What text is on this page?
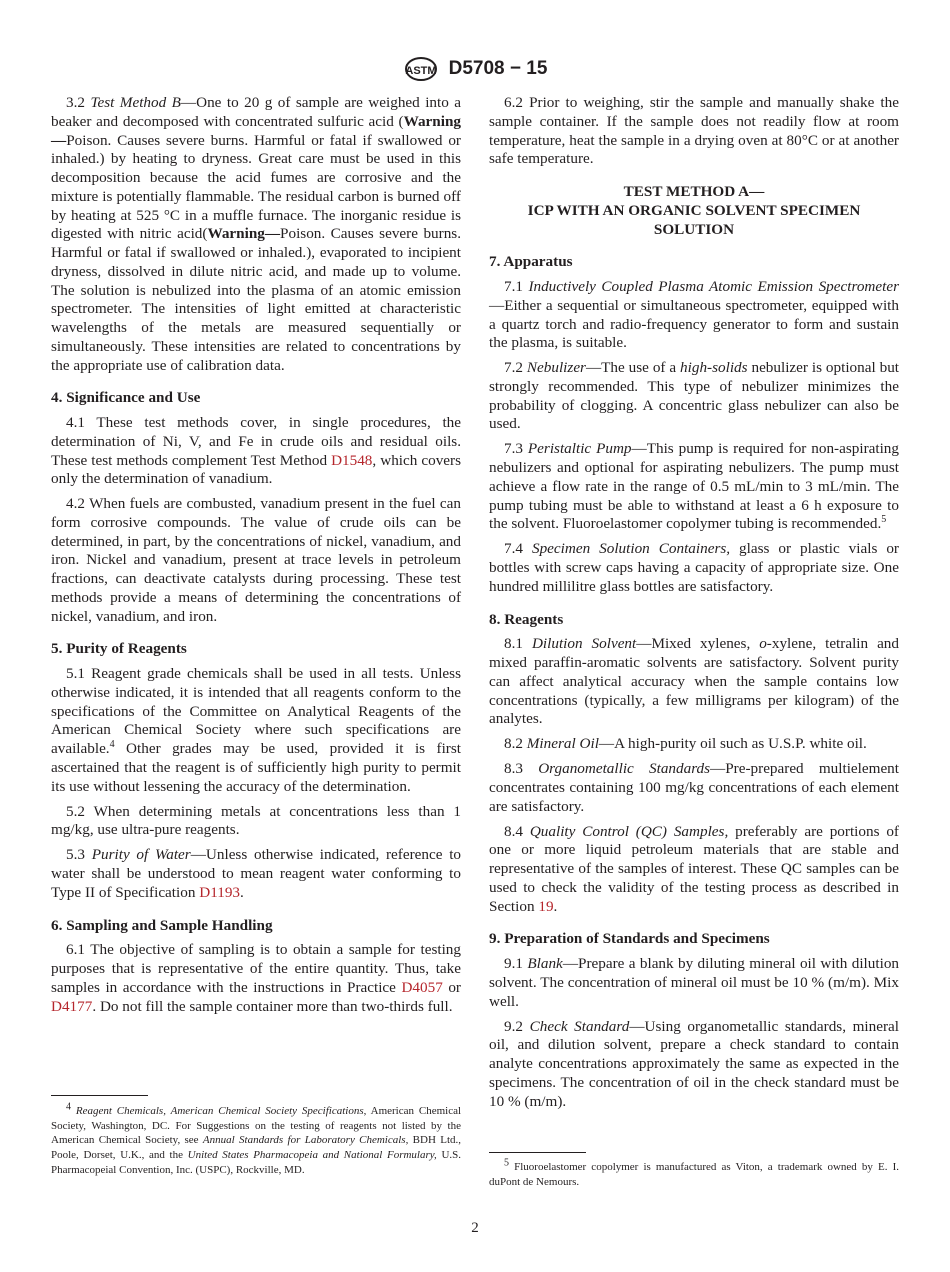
ASTM D5708 − 15

3.2 Test Method B—One to 20 g of sample are weighed into a beaker and decomposed with concentrated sulfuric acid (Warning—Poison. Causes severe burns. Harmful or fatal if swallowed or inhaled.) by heating to dryness. Great care must be used in this decomposition because the acid fumes are corrosive and the mixture is potentially flammable. The residual carbon is burned off by heating at 525 °C in a muffle furnace. The inorganic residue is digested with nitric acid(Warning—Poison. Causes severe burns. Harmful or fatal if swallowed or inhaled.), evaporated to incipient dryness, dissolved in dilute nitric acid, and made up to volume. The solution is nebulized into the plasma of an atomic emission spectrometer. The intensities of light emitted at characteristic wavelengths of the metals are measured sequentially or simultaneously. These intensities are related to concentrations by the appropriate use of calibration data.

4. Significance and Use

4.1 These test methods cover, in single procedures, the determination of Ni, V, and Fe in crude oils and residual oils. These test methods complement Test Method D1548, which covers only the determination of vanadium.

4.2 When fuels are combusted, vanadium present in the fuel can form corrosive compounds. The value of crude oils can be determined, in part, by the concentrations of nickel, vanadium, and iron. Nickel and vanadium, present at trace levels in petroleum fractions, can deactivate catalysts during processing. These test methods provide a means of determining the concentrations of nickel, vanadium, and iron.

5. Purity of Reagents

5.1 Reagent grade chemicals shall be used in all tests. Unless otherwise indicated, it is intended that all reagents conform to the specifications of the Committee on Analytical Reagents of the American Chemical Society where such specifications are available.$^4$ Other grades may be used, provided it is first ascertained that the reagent is of sufficiently high purity to permit its use without lessening the accuracy of the determination.

5.2 When determining metals at concentrations less than 1 mg/kg, use ultra-pure reagents.

5.3 Purity of Water—Unless otherwise indicated, reference to water shall be understood to mean reagent water conforming to Type II of Specification D1193.

6. Sampling and Sample Handling

6.1 The objective of sampling is to obtain a sample for testing purposes that is representative of the entire quantity. Thus, take samples in accordance with the instructions in Practice D4057 or D4177. Do not fill the sample container more than two-thirds full.

6.2 Prior to weighing, stir the sample and manually shake the sample container. If the sample does not readily flow at room temperature, heat the sample in a drying oven at 80°C or at another safe temperature.

TEST METHOD A—
ICP WITH AN ORGANIC SOLVENT SPECIMEN SOLUTION
7. Apparatus

7.1 Inductively Coupled Plasma Atomic Emission Spectrometer—Either a sequential or simultaneous spectrometer, equipped with a quartz torch and radio-frequency generator to form and sustain the plasma, is suitable.

7.2 Nebulizer—The use of a high-solids nebulizer is optional but strongly recommended. This type of nebulizer minimizes the probability of clogging. A concentric glass nebulizer can also be used.

7.3 Peristaltic Pump—This pump is required for non-aspirating nebulizers and optional for aspirating nebulizers. The pump must achieve a flow rate in the range of 0.5 mL/min to 3 mL/min. The pump tubing must be able to withstand at least a 6 h exposure to the solvent. Fluoroelastomer copolymer tubing is recommended.$^5$

7.4 Specimen Solution Containers, glass or plastic vials or bottles with screw caps having a capacity of appropriate size. One hundred millilitre glass bottles are satisfactory.

8. Reagents

8.1 Dilution Solvent—Mixed xylenes, o-xylene, tetralin and mixed paraffin-aromatic solvents are satisfactory. Solvent purity can affect analytical accuracy when the sample contains low concentrations (typically, a few milligrams per kilogram) of the analytes.

8.2 Mineral Oil—A high-purity oil such as U.S.P. white oil.

8.3 Organometallic Standards—Pre-prepared multielement concentrates containing 100 mg/kg concentrations of each element are satisfactory.

8.4 Quality Control (QC) Samples, preferably are portions of one or more liquid petroleum materials that are stable and representative of the samples of interest. These QC samples can be used to check the validity of the testing process as described in Section 19.

9. Preparation of Standards and Specimens

9.1 Blank—Prepare a blank by diluting mineral oil with dilution solvent. The concentration of mineral oil must be 10 % (m/m). Mix well.

9.2 Check Standard—Using organometallic standards, mineral oil, and dilution solvent, prepare a check standard to contain analyte concentrations approximately the same as expected in the specimens. The concentration of oil in the check standard must be 10 % (m/m).

4 Reagent Chemicals, American Chemical Society Specifications, American Chemical Society, Washington, DC. For Suggestions on the testing of reagents not listed by the American Chemical Society, see Annual Standards for Laboratory Chemicals, BDH Ltd., Poole, Dorset, U.K., and the United States Pharmacopeia and National Formulary, U.S. Pharmacopeial Convention, Inc. (USPC), Rockville, MD.

5 Fluoroelastomer copolymer is manufactured as Viton, a trademark owned by E. I. duPont de Nemours.

2
